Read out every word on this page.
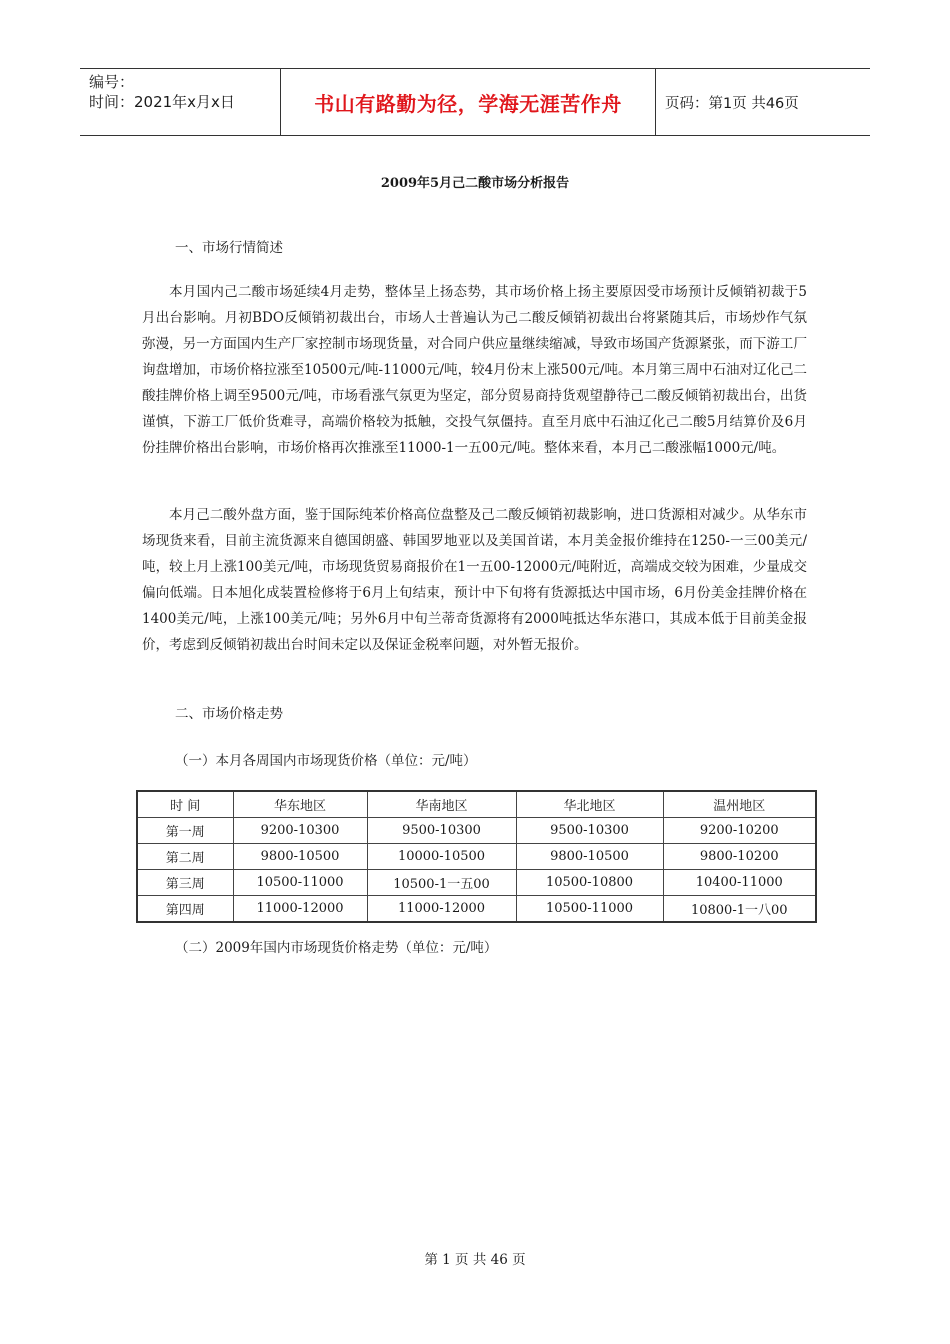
编号：
时间：2021年x月x日	书山有路勤为径，学海无涯苦作舟	页码：第1页 共46页
2009年5月己二酸市场分析报告
一、市场行情简述

本月国内己二酸市场延续4月走势，整体呈上扬态势，其市场价格上扬主要原因受市场预计反倾销初裁于5月出台影响。月初BDO反倾销初裁出台，市场人士普遍认为己二酸反倾销初裁出台将紧随其后，市场炒作气氛弥漫，另一方面国内生产厂家控制市场现货量，对合同户供应量继续缩减，导致市场国产货源紧张，而下游工厂询盘增加，市场价格拉涨至10500元/吨-11000元/吨，较4月份末上涨500元/吨。本月第三周中石油对辽化己二酸挂牌价格上调至9500元/吨，市场看涨气氛更为坚定，部分贸易商持货观望静待己二酸反倾销初裁出台，出货谨慎，下游工厂低价货难寻，高端价格较为抵触，交投气氛僵持。直至月底中石油辽化己二酸5月结算价及6月份挂牌价格出台影响，市场价格再次推涨至11000-1一五00元/吨。整体来看，本月己二酸涨幅1000元/吨。

本月己二酸外盘方面，鉴于国际纯苯价格高位盘整及己二酸反倾销初裁影响，进口货源相对减少。从华东市场现货来看，目前主流货源来自德国朗盛、韩国罗地亚以及美国首诺，本月美金报价维持在1250-一三00美元/吨，较上月上涨100美元/吨，市场现货贸易商报价在1一五00-12000元/吨附近，高端成交较为困难，少量成交偏向低端。日本旭化成装置检修将于6月上旬结束，预计中下旬将有货源抵达中国市场，6月份美金挂牌价格在1400美元/吨，上涨100美元/吨；另外6月中旬兰蒂奇货源将有2000吨抵达华东港口，其成本低于目前美金报价，考虑到反倾销初裁出台时间未定以及保证金税率问题，对外暂无报价。

二、市场价格走势
（一）本月各周国内市场现货价格（单位：元/吨）
时 间	华东地区	华南地区	华北地区	温州地区
第一周	9200-10300	9500-10300	9500-10300	9200-10200
第二周	9800-10500	10000-10500	9800-10500	9800-10200
第三周	10500-11000	10500-1一五00	10500-10800	10400-11000
第四周	11000-12000	11000-12000	10500-11000	10800-1一八00
（二）2009年国内市场现货价格走势（单位：元/吨）
第 1 页 共 46 页
